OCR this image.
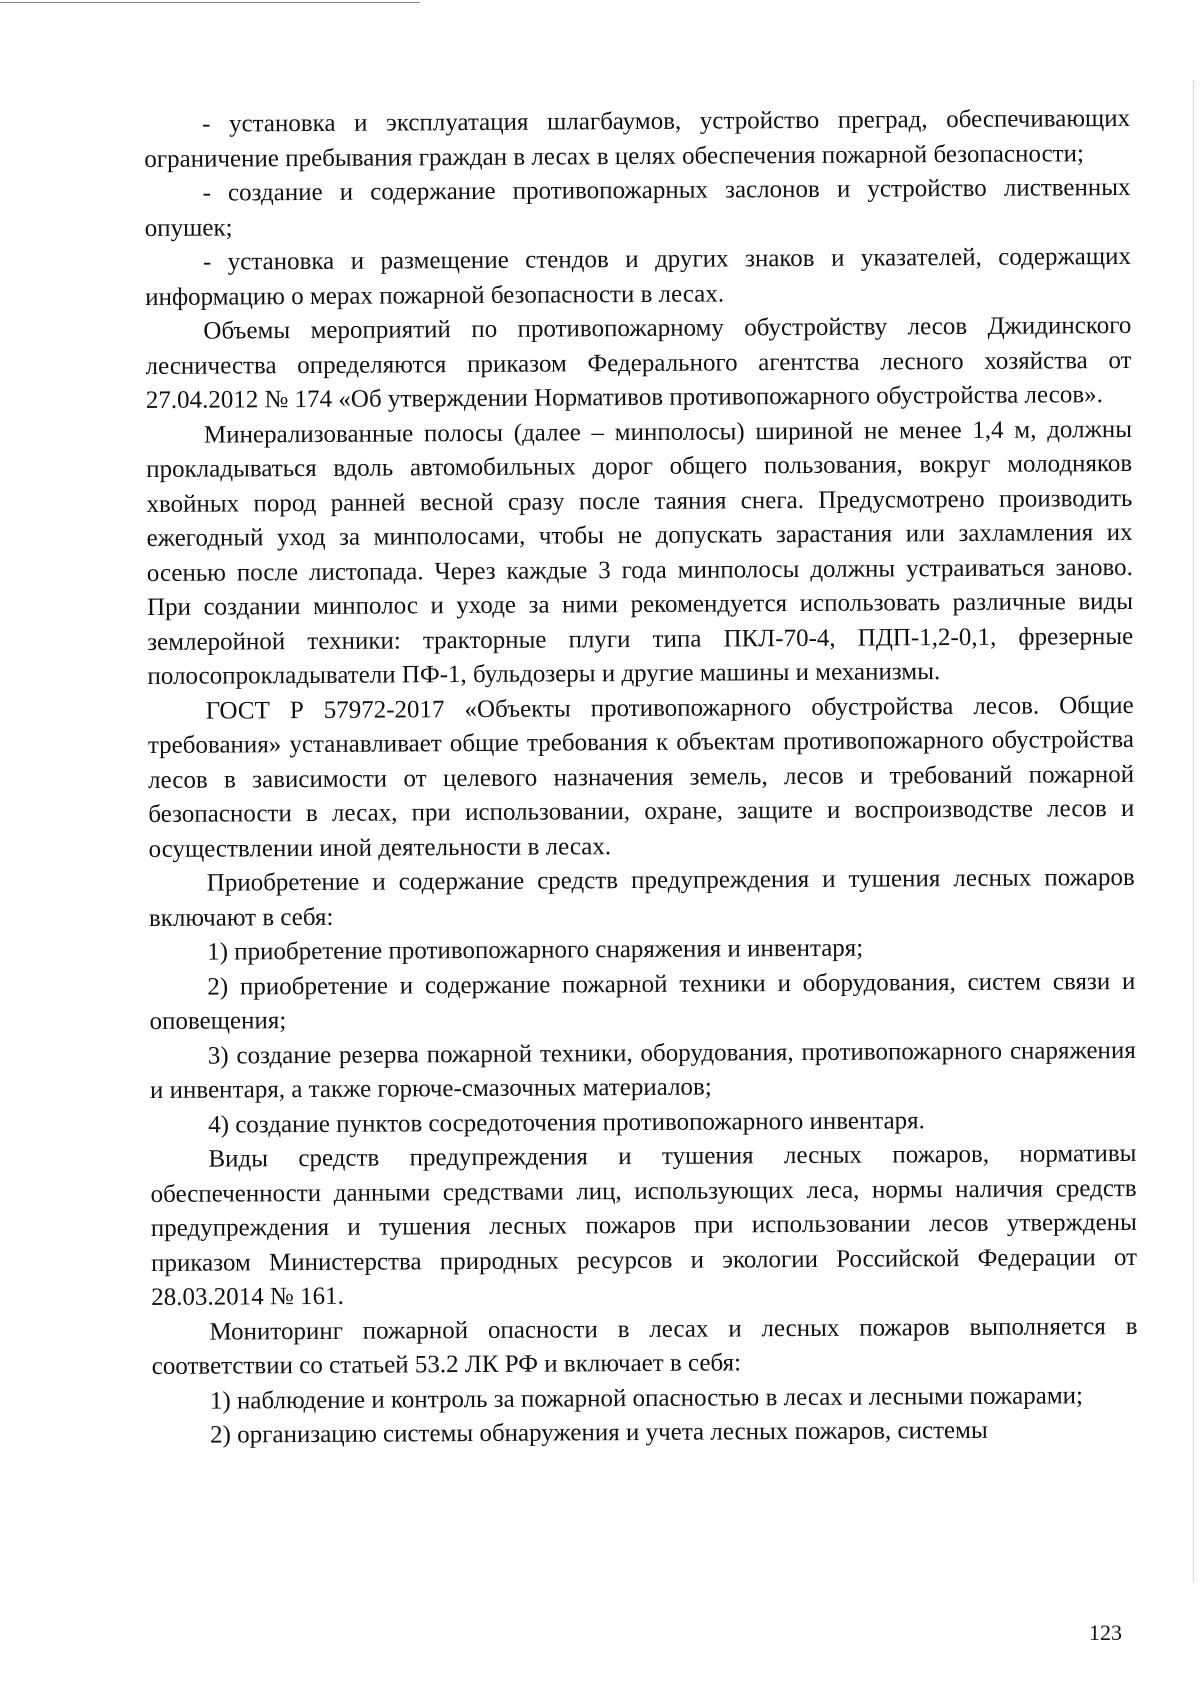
- установка и эксплуатация шлагбаумов, устройство преград, обеспечивающих ограничение пребывания граждан в лесах в целях обеспечения пожарной безопасности;

- создание и содержание противопожарных заслонов и устройство лиственных опушек;

- установка и размещение стендов и других знаков и указателей, содержащих информацию о мерах пожарной безопасности в лесах.

Объемы мероприятий по противопожарному обустройству лесов Джидинского лесничества определяются приказом Федерального агентства лесного хозяйства от 27.04.2012 № 174 «Об утверждении Нормативов противопожарного обустройства лесов».

Минерализованные полосы (далее – минполосы) шириной не менее 1,4 м, должны прокладываться вдоль автомобильных дорог общего пользования, вокруг молодняков хвойных пород ранней весной сразу после таяния снега. Предусмотрено производить ежегодный уход за минполосами, чтобы не допускать зарастания или захламления их осенью после листопада. Через каждые 3 года минполосы должны устраиваться заново. При создании минполос и уходе за ними рекомендуется использовать различные виды землеройной техники: тракторные плуги типа ПКЛ-70-4, ПДП-1,2-0,1, фрезерные полосопрокладыватели ПФ-1, бульдозеры и другие машины и механизмы.

ГОСТ Р 57972-2017 «Объекты противопожарного обустройства лесов. Общие требования» устанавливает общие требования к объектам противопожарного обустройства лесов в зависимости от целевого назначения земель, лесов и требований пожарной безопасности в лесах, при использовании, охране, защите и воспроизводстве лесов и осуществлении иной деятельности в лесах.

Приобретение и содержание средств предупреждения и тушения лесных пожаров включают в себя:

1) приобретение противопожарного снаряжения и инвентаря;

2) приобретение и содержание пожарной техники и оборудования, систем связи и оповещения;

3) создание резерва пожарной техники, оборудования, противопожарного снаряжения и инвентаря, а также горюче-смазочных материалов;

4) создание пунктов сосредоточения противопожарного инвентаря.

Виды средств предупреждения и тушения лесных пожаров, нормативы обеспеченности данными средствами лиц, использующих леса, нормы наличия средств предупреждения и тушения лесных пожаров при использовании лесов утверждены приказом Министерства природных ресурсов и экологии Российской Федерации от 28.03.2014 № 161.

Мониторинг пожарной опасности в лесах и лесных пожаров выполняется в соответствии со статьей 53.2 ЛК РФ и включает в себя:

1) наблюдение и контроль за пожарной опасностью в лесах и лесными пожарами;

2) организацию системы обнаружения и учета лесных пожаров, системы

123
